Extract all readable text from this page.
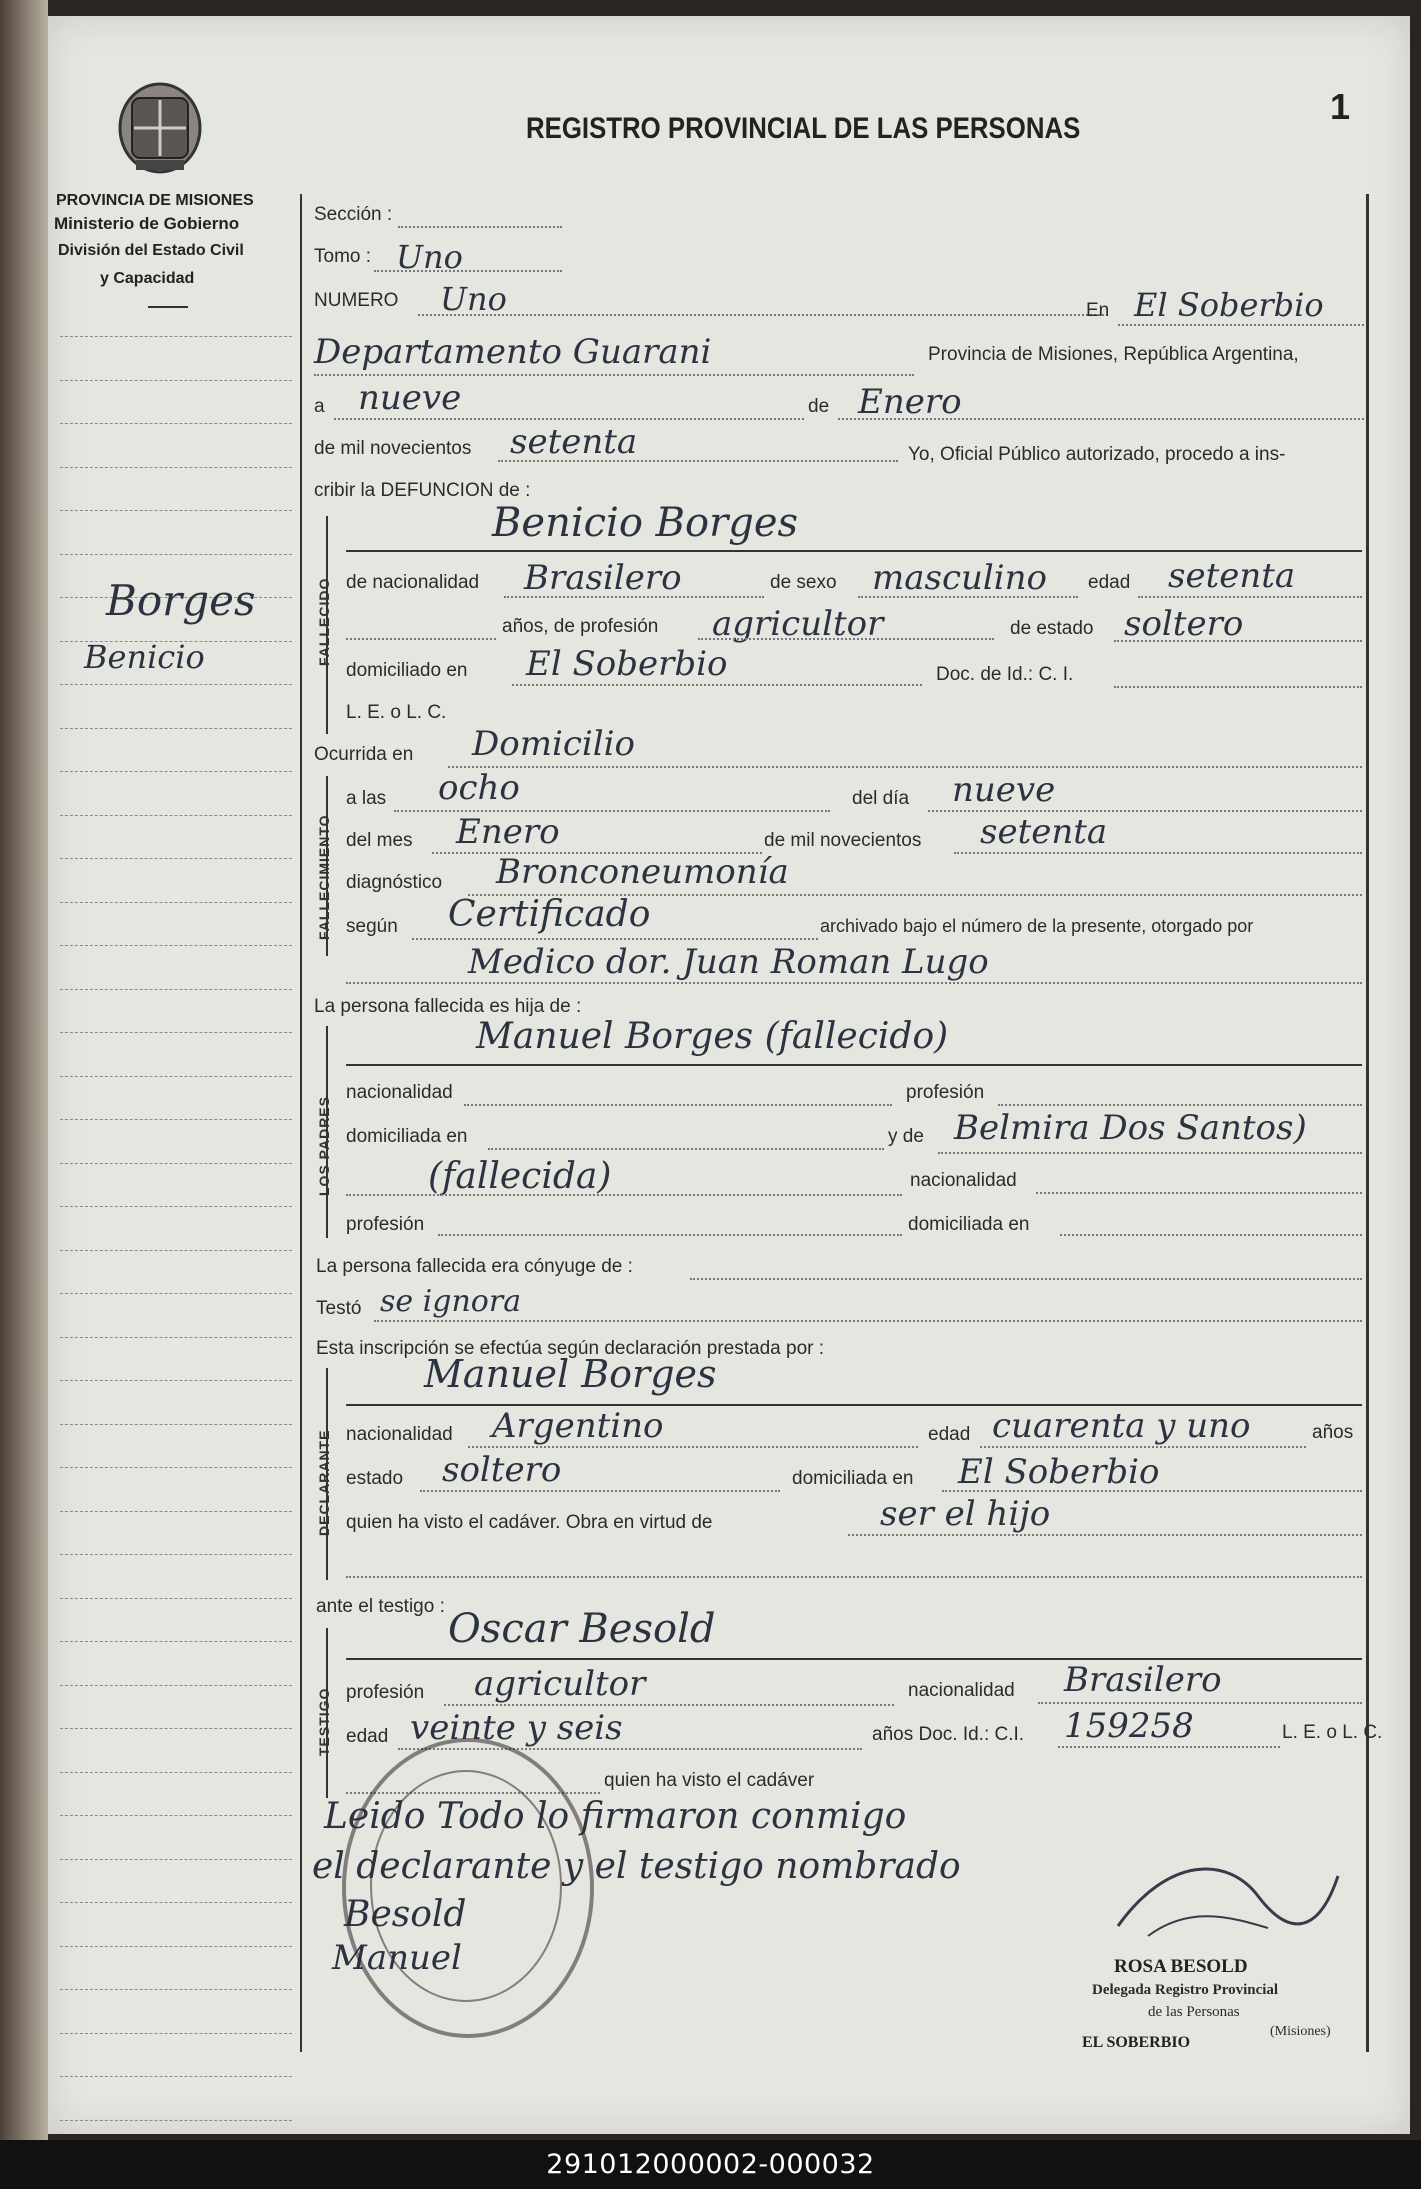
PROVINCIA DE MISIONES
Ministerio de Gobierno
División del Estado Civil
y Capacidad
REGISTRO PROVINCIAL DE LAS PERSONAS
1
Borges
Benicio
Sección :
Tomo : Uno
NUMERO Uno	En El Soberbio
Departamento Guarani	Provincia de Misiones, República Argentina,
a nueve	de Enero
de mil novecientos setenta	Yo, Oficial Público autorizado, procedo a ins-
cribir la DEFUNCION de :
FALLECIDO
Benicio Borges
de nacionalidad Brasilero	de sexo masculino edad setenta
años, de profesión agricultor	de estado soltero
domiciliado en El Soberbio	Doc. de Id.: C. I.
L. E. o L. C.
Ocurrida en Domicilio
FALLECIMIENTO
a las ocho	del día nueve
del mes Enero	de mil novecientos setenta
diagnóstico Bronconeumonía
según Certificado	archivado bajo el número de la presente, otorgado por
Medico dor. Juan Roman Lugo
La persona fallecida es hija de :
LOS PADRES
Manuel Borges (fallecido)
nacionalidad	profesión
domiciliada en	y de Belmira Dos Santos)
(fallecida)	nacionalidad
profesión	domiciliada en
La persona fallecida era cónyuge de :
Testó se ignora
Esta inscripción se efectúa según declaración prestada por :
DECLARANTE
Manuel Borges
nacionalidad Argentino	edad cuarenta y uno	años
estado soltero	domiciliada en El Soberbio
quien ha visto el cadáver. Obra en virtud de	ser el hijo
ante el testigo :
TESTIGO
Oscar Besold
profesión agricultor	nacionalidad Brasilero
edad veinte y seis	años Doc. Id.: C.I. 159258	L. E. o L. C.
quien ha visto el cadáver
Leido Todo lo firmaron conmigo
el declarante y el testigo nombrado
Besold
Manuel	ROSA BESOLD
Delegada Registro Provincial
de las Personas
EL SOBERBIO
(Misiones)
291012000002-000032
